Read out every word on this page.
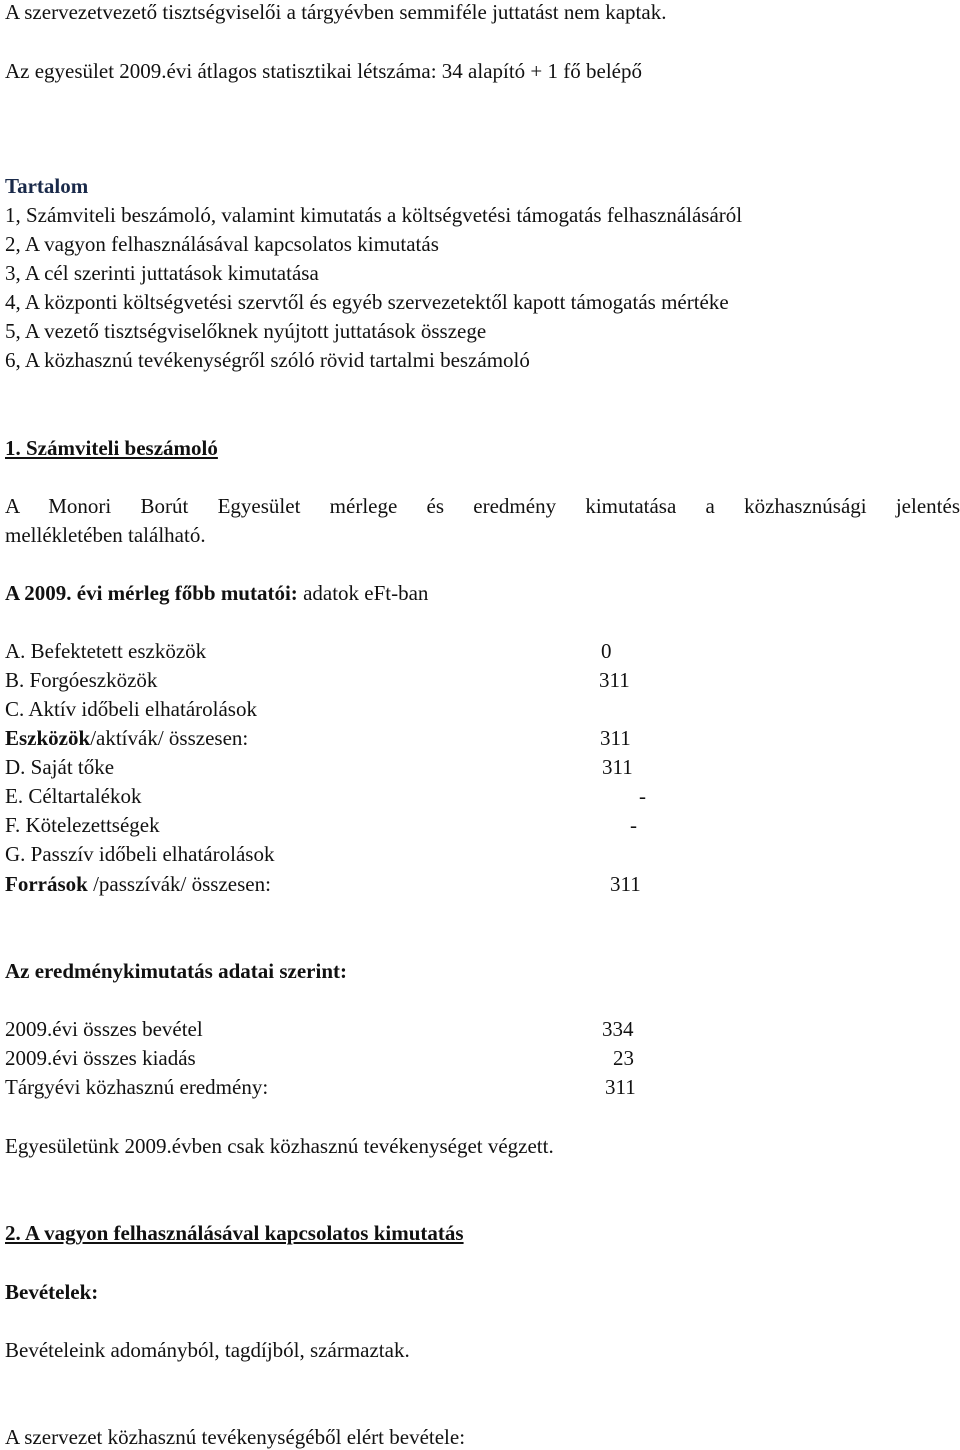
A szervezetvezető tisztségviselői a tárgyévben semmiféle juttatást nem kaptak.
Az egyesület 2009.évi átlagos statisztikai létszáma: 34 alapító + 1 fő belépő
Tartalom
1, Számviteli beszámoló, valamint kimutatás a költségvetési támogatás felhasználásáról
2, A vagyon felhasználásával kapcsolatos kimutatás
3, A cél szerinti juttatások kimutatása
4, A központi költségvetési szervtől és egyéb szervezetektől kapott támogatás mértéke
5, A vezető tisztségviselőknek nyújtott juttatások összege
6, A közhasznú tevékenységről szóló rövid tartalmi beszámoló
1. Számviteli beszámoló
A Monori Borút Egyesület mérlege és eredmény kimutatása a közhasznúsági jelentés
mellékletében található.
A 2009. évi mérleg főbb mutatói: adatok eFt-ban
A. Befektetett eszközök	0
B. Forgóeszközök	311
C. Aktív időbeli elhatárolások
Eszközök/aktívák/ összesen:	311
D. Saját tőke	311
E. Céltartalékok	-
F. Kötelezettségek	-
G. Passzív időbeli elhatárolások
Források /passzívák/ összesen:	311
Az eredménykimutatás adatai szerint:
2009.évi összes bevétel	334
2009.évi összes kiadás	23
Tárgyévi közhasznú eredmény:	311
Egyesületünk 2009.évben csak közhasznú tevékenységet végzett.
2. A vagyon felhasználásával kapcsolatos kimutatás
Bevételek:
Bevételeink adományból, tagdíjból, származtak.
A szervezet közhasznú tevékenységéből elért bevétele:
